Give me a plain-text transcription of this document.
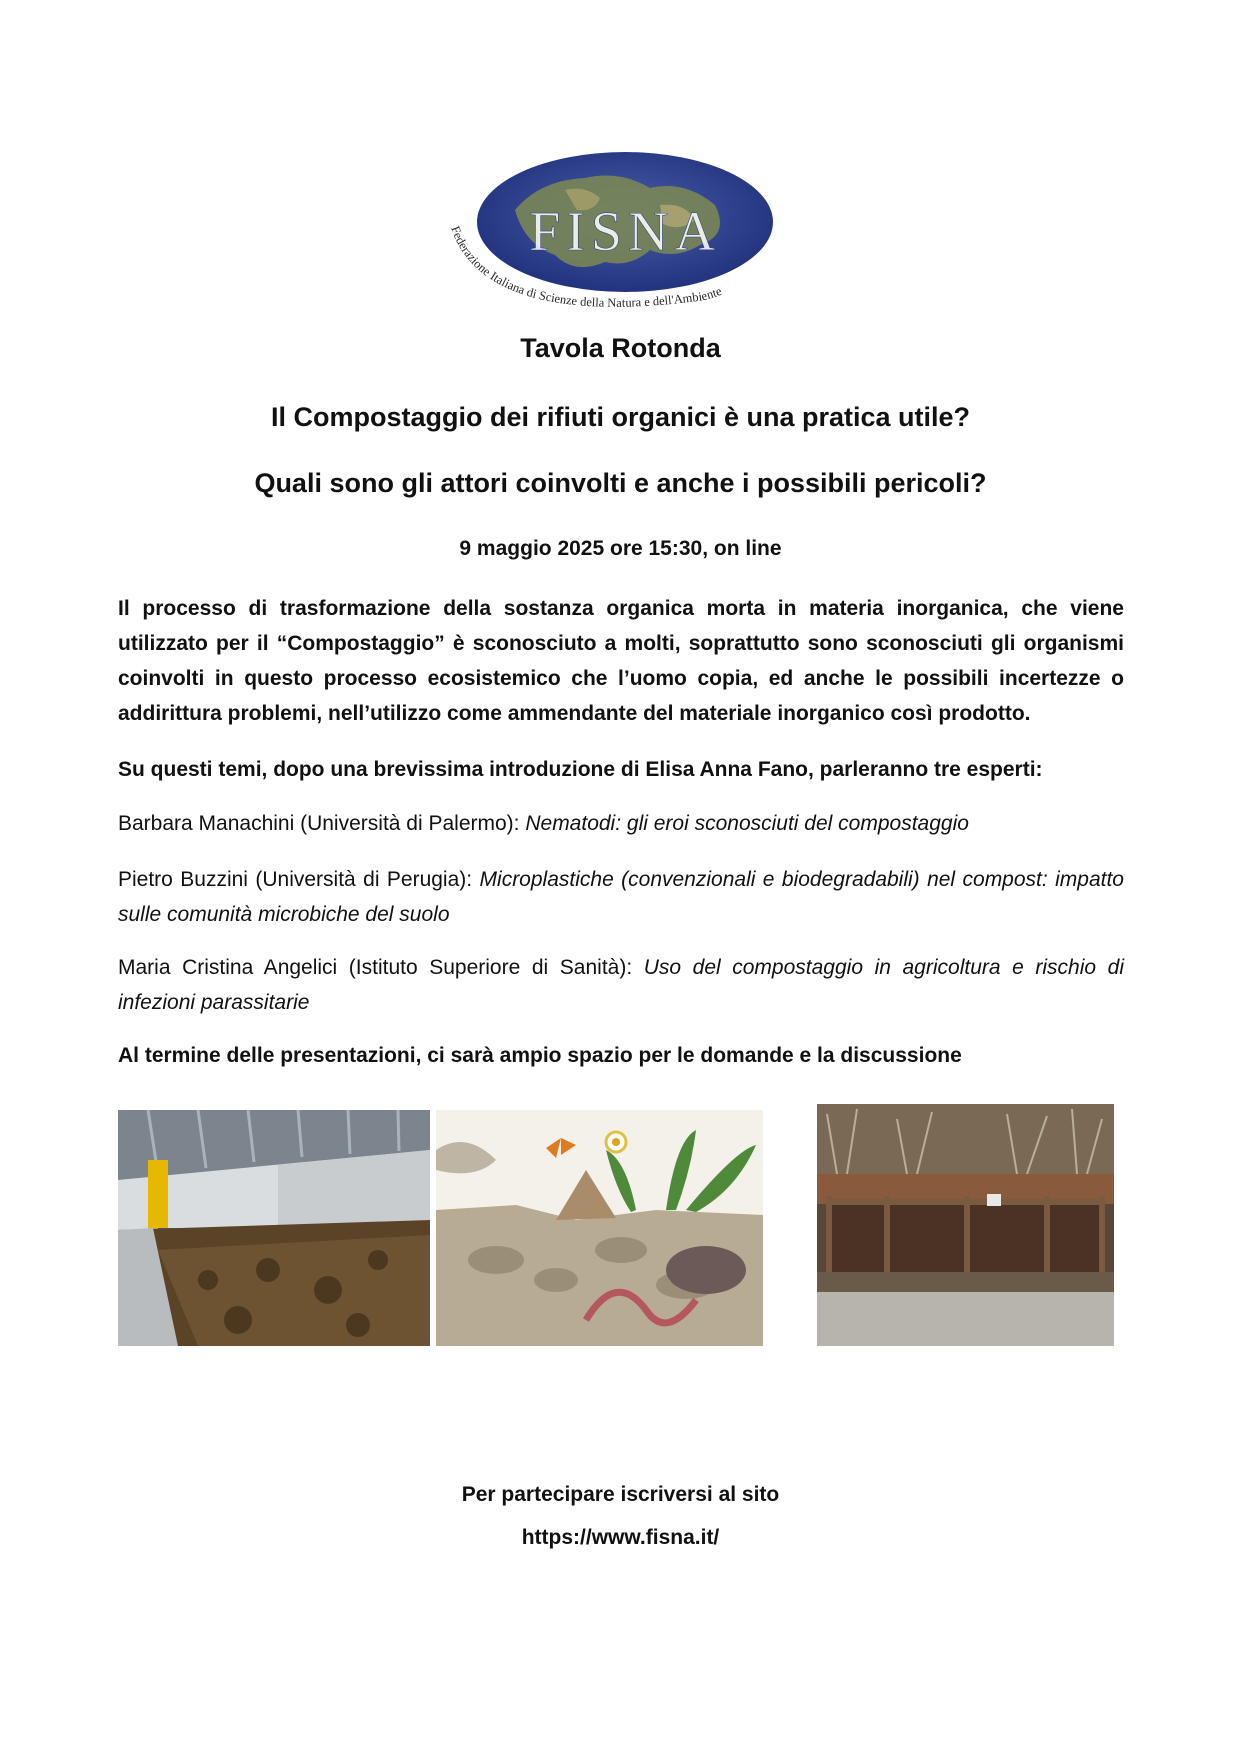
FISNA
Federazione Italiana di Scienze della Natura e dell'Ambiente
Tavola Rotonda
Il Compostaggio dei rifiuti organici è una pratica utile?
Quali sono gli attori coinvolti e anche i possibili pericoli?
9 maggio 2025 ore 15:30, on line
Il processo di trasformazione della sostanza organica morta in materia inorganica, che viene utilizzato per il “Compostaggio” è sconosciuto a molti, soprattutto sono sconosciuti gli organismi coinvolti in questo processo ecosistemico che l’uomo copia, ed anche le possibili incertezze o addirittura problemi, nell’utilizzo come ammendante del materiale inorganico così prodotto.
Su questi temi, dopo una brevissima introduzione di Elisa Anna Fano, parleranno tre esperti:
Barbara Manachini (Università di Palermo): Nematodi: gli eroi sconosciuti del compostaggio
Pietro Buzzini (Università di Perugia): Microplastiche (convenzionali e biodegradabili) nel compost: impatto sulle comunità microbiche del suolo
Maria Cristina Angelici (Istituto Superiore di Sanità): Uso del compostaggio in agricoltura e rischio di infezioni parassitarie
Al termine delle presentazioni, ci sarà ampio spazio per le domande e la discussione
Per partecipare iscriversi al sito
https://www.fisna.it/
